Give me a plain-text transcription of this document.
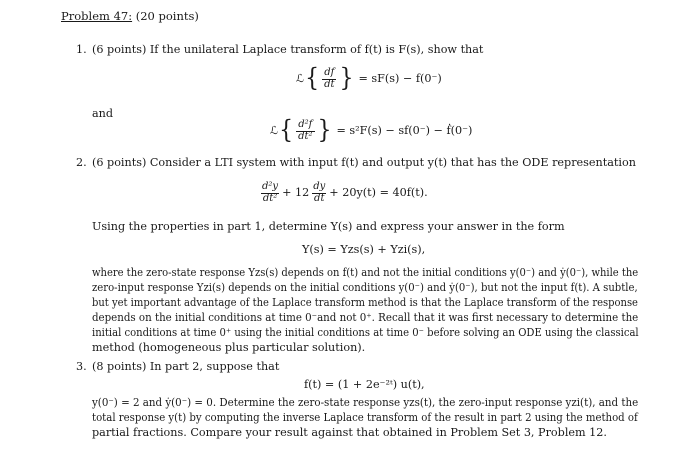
Problem 47: (20 points)
1. (6 points) If the unilateral Laplace transform of f(t) is F(s), show that
ℒ { $\frac{df}{dt}$ } = sF(s) − f(0⁻)
and
ℒ { $\frac{\text{d²f}}{\text{dt²}}$ } = s²F(s) − sf(0⁻) − ḟ(0⁻)
2. (6 points) Consider a LTI system with input f(t) and output y(t) that has the ODE representation
$\frac{\text{d²y}}{\text{dt²}} + 12 \frac{dy}{dt} + 20y(t) = 40f(t)$.
Using the properties in part 1, determine Y(s) and express your answer in the form
Y(s) = Yzs(s) + Yzi(s),
where the zero-state response Yzs(s) depends on f(t) and not the initial conditions y(0⁻) and ẏ(0⁻), while the
zero-input response Yzi(s) depends on the initial conditions y(0⁻) and ẏ(0⁻), but not the input f(t). A subtle,
but yet important advantage of the Laplace transform method is that the Laplace transform of the response
depends on the initial conditions at time 0⁻and not 0⁺. Recall that it was first necessary to determine the
initial conditions at time 0⁺ using the initial conditions at time 0⁻ before solving an ODE using the classical
method (homogeneous plus particular solution).
3. (8 points) In part 2, suppose that
f(t) = (1 + 2e⁻²ᵗ) u(t),
y(0⁻) = 2 and ẏ(0⁻) = 0. Determine the zero-state response yzs(t), the zero-input response yzi(t), and the
total response y(t) by computing the inverse Laplace transform of the result in part 2 using the method of
partial fractions. Compare your result against that obtained in Problem Set 3, Problem 12.
